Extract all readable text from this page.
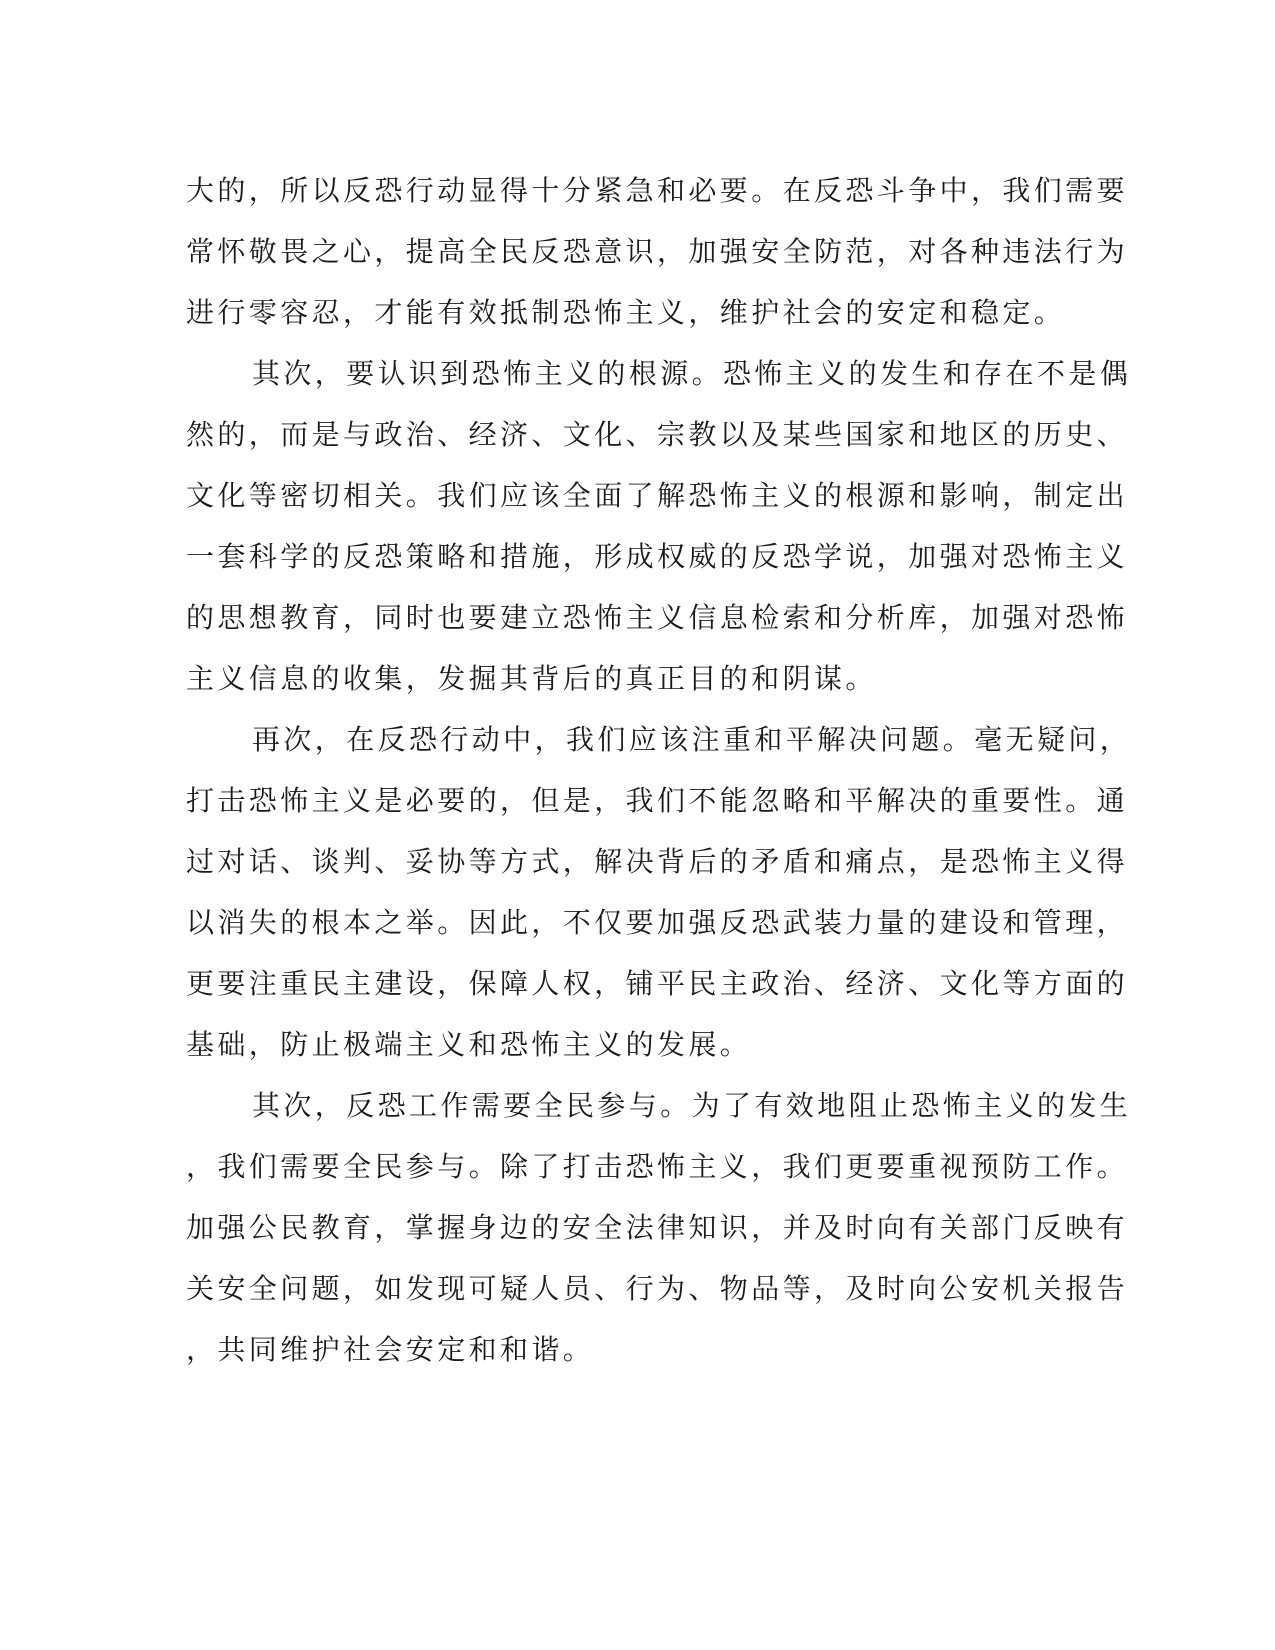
大的，所以反恐行动显得十分紧急和必要。在反恐斗争中，我们需要
常怀敬畏之心，提高全民反恐意识，加强安全防范，对各种违法行为
进行零容忍，才能有效抵制恐怖主义，维护社会的安定和稳定。
其次，要认识到恐怖主义的根源。恐怖主义的发生和存在不是偶
然的，而是与政治、经济、文化、宗教以及某些国家和地区的历史、
文化等密切相关。我们应该全面了解恐怖主义的根源和影响，制定出
一套科学的反恐策略和措施，形成权威的反恐学说，加强对恐怖主义
的思想教育，同时也要建立恐怖主义信息检索和分析库，加强对恐怖
主义信息的收集，发掘其背后的真正目的和阴谋。
再次，在反恐行动中，我们应该注重和平解决问题。毫无疑问，
打击恐怖主义是必要的，但是，我们不能忽略和平解决的重要性。通
过对话、谈判、妥协等方式，解决背后的矛盾和痛点，是恐怖主义得
以消失的根本之举。因此，不仅要加强反恐武装力量的建设和管理，
更要注重民主建设，保障人权，铺平民主政治、经济、文化等方面的
基础，防止极端主义和恐怖主义的发展。
其次，反恐工作需要全民参与。为了有效地阻止恐怖主义的发生
，我们需要全民参与。除了打击恐怖主义，我们更要重视预防工作。
加强公民教育，掌握身边的安全法律知识，并及时向有关部门反映有
关安全问题，如发现可疑人员、行为、物品等，及时向公安机关报告
，共同维护社会安定和和谐。
